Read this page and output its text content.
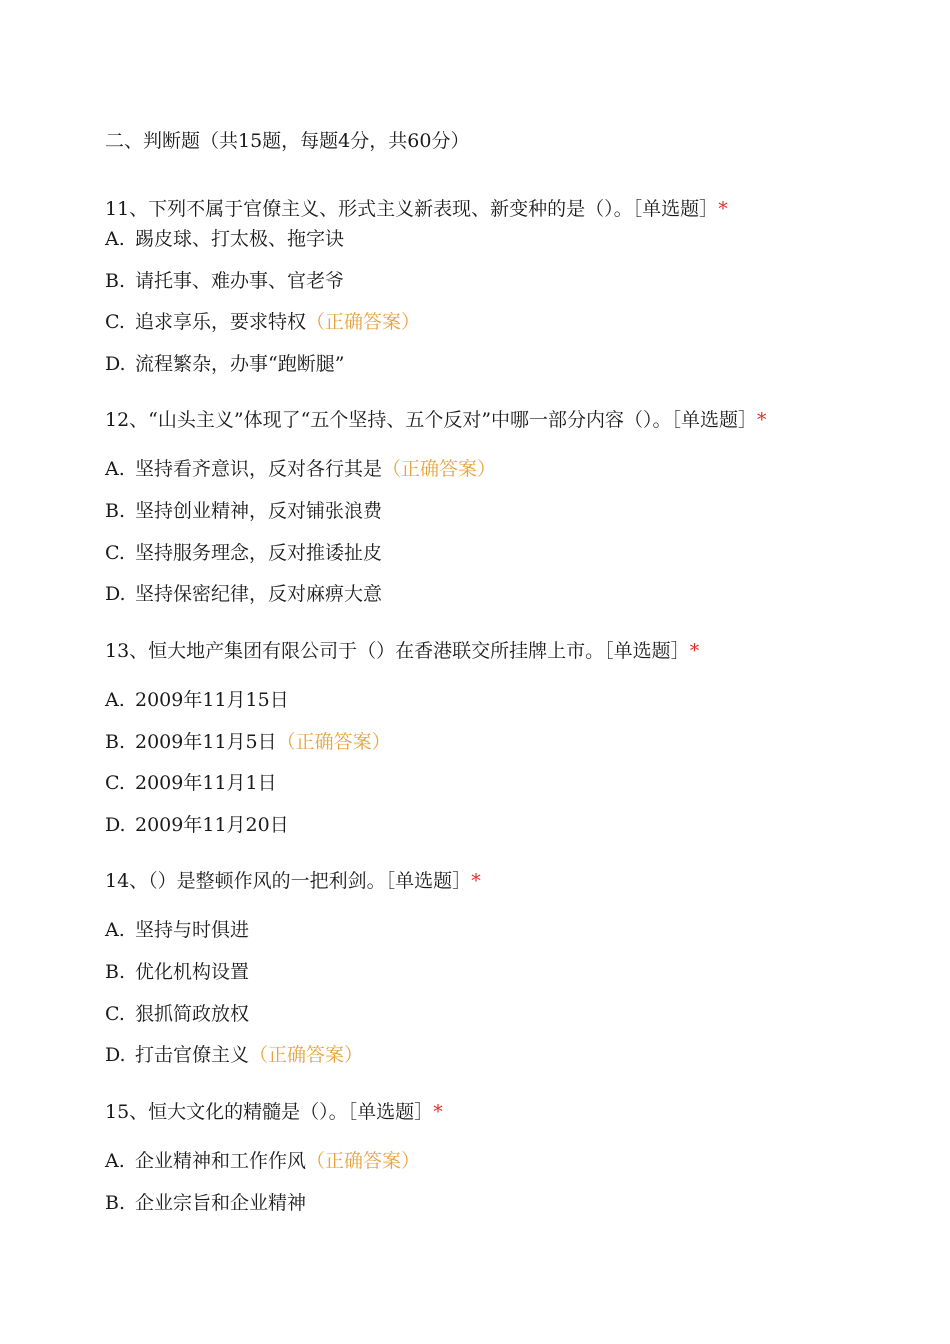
二、判断题（共15题，每题4分，共60分）
11、下列不属于官僚主义、形式主义新表现、新变种的是（）。［单选题］*
A. 踢皮球、打太极、拖字诀
B. 请托事、难办事、官老爷
C. 追求享乐，要求特权（正确答案）
D. 流程繁杂，办事“跑断腿”
12、“山头主义”体现了“五个坚持、五个反对”中哪一部分内容（）。［单选题］*
A. 坚持看齐意识，反对各行其是（正确答案）
B. 坚持创业精神，反对铺张浪费
C. 坚持服务理念，反对推诿扯皮
D. 坚持保密纪律，反对麻痹大意
13、恒大地产集团有限公司于（）在香港联交所挂牌上市。［单选题］*
A. 2009年11月15日
B. 2009年11月5日（正确答案）
C. 2009年11月1日
D. 2009年11月20日
14、（）是整顿作风的一把利剑。［单选题］*
A. 坚持与时俱进
B. 优化机构设置
C. 狠抓简政放权
D. 打击官僚主义（正确答案）
15、恒大文化的精髓是（）。［单选题］*
A. 企业精神和工作作风（正确答案）
B. 企业宗旨和企业精神
